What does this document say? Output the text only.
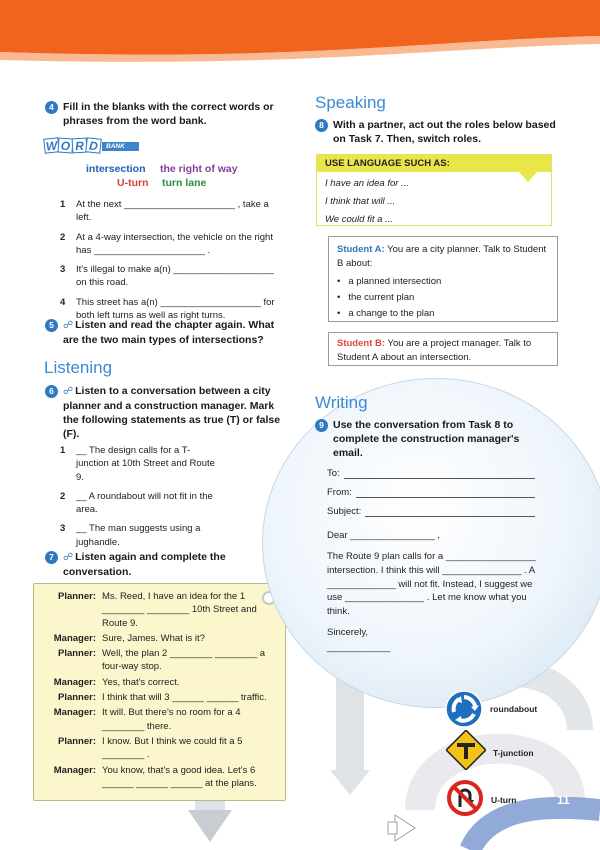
4 Fill in the blanks with the correct words or phrases from the word bank.
W O R D	BANK
intersection the right of way
U-turn turn lane
1	At the next _____________________ , take a left.
2	At a 4-way intersection, the vehicle on the right has _____________________ .
3	It's illegal to make a(n) ___________________ on this road.
4	This street has a(n) ___________________ for both left turns as well as right turns.
5 ☍ Listen and read the chapter again. What are the two main types of intersections?
Listening
6 ☍ Listen to a conversation between a city planner and a construction manager. Mark the following statements as true (T) or false (F).
1	__ The design calls for a T-junction at 10th Street and Route 9.
2	__ A roundabout will not fit in the area.
3	__ The man suggests using a jughandle.
7 ☍ Listen again and complete the conversation.
Planner: Ms. Reed, I have an idea for the 1 ________ ________ 10th Street and Route 9.
Manager: Sure, James. What is it?
Planner: Well, the plan 2 ________ ________ a four-way stop.
Manager: Yes, that's correct.
Planner: I think that will 3 ______ ______ traffic.
Manager: It will. But there's no room for a 4 ________ there.
Planner: I know. But I think we could fit a 5 ________ .
Manager: You know, that's a good idea. Let's 6 ______ ______ ______ at the plans.
Speaking
8 With a partner, act out the roles below based on Task 7. Then, switch roles.
USE LANGUAGE SUCH AS:
I have an idea for ...
I think that will ...
We could fit a ...
Student A: You are a city planner. Talk to Student B about:
• a planned intersection
• the current plan
• a change to the plan
Student B: You are a project manager. Talk to Student A about an intersection.
Writing
9 Use the conversation from Task 8 to complete the construction manager's email.
To:
From:
Subject:
Dear ________________ ,
The Route 9 plan calls for a _________________ intersection. I think this will _______________ . A _____________ will not fit. Instead, I suggest we use _______________ . Let me know what you think.
Sincerely,
____________
roundabout
T-junction
U-turn	11
